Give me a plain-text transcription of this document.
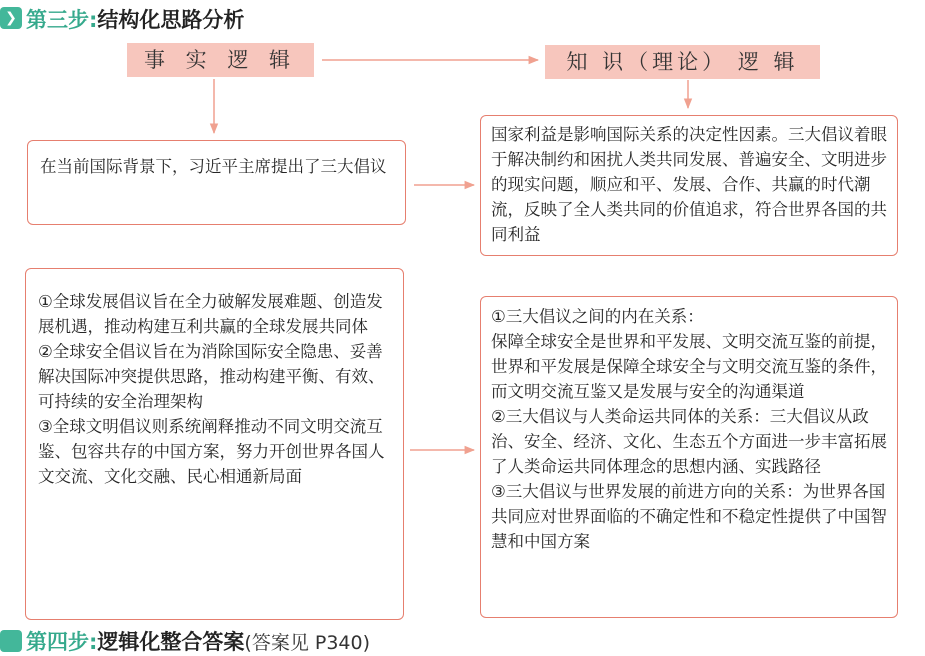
❯ 第三步:结构化思路分析
事 实 逻 辑	知 识（理论） 逻 辑

在当前国际背景下，习近平主席提出了三大倡议

国家利益是影响国际关系的决定性因素。三大倡议着眼于解决制约和困扰人类共同发展、普遍安全、文明进步的现实问题，顺应和平、发展、合作、共赢的时代潮流，反映了全人类共同的价值追求，符合世界各国的共同利益

①全球发展倡议旨在全力破解发展难题、创造发展机遇，推动构建互利共赢的全球发展共同体

②全球安全倡议旨在为消除国际安全隐患、妥善解决国际冲突提供思路，推动构建平衡、有效、可持续的安全治理架构

③全球文明倡议则系统阐释推动不同文明交流互鉴、包容共存的中国方案，努力开创世界各国人文交流、文化交融、民心相通新局面

①三大倡议之间的内在关系：

保障全球安全是世界和平发展、文明交流互鉴的前提，世界和平发展是保障全球安全与文明交流互鉴的条件，而文明交流互鉴又是发展与安全的沟通渠道

②三大倡议与人类命运共同体的关系：三大倡议从政治、安全、经济、文化、生态五个方面进一步丰富拓展了人类命运共同体理念的思想内涵、实践路径

③三大倡议与世界发展的前进方向的关系：为世界各国共同应对世界面临的不确定性和不稳定性提供了中国智慧和中国方案

第四步:逻辑化整合答案(答案见 P340)
